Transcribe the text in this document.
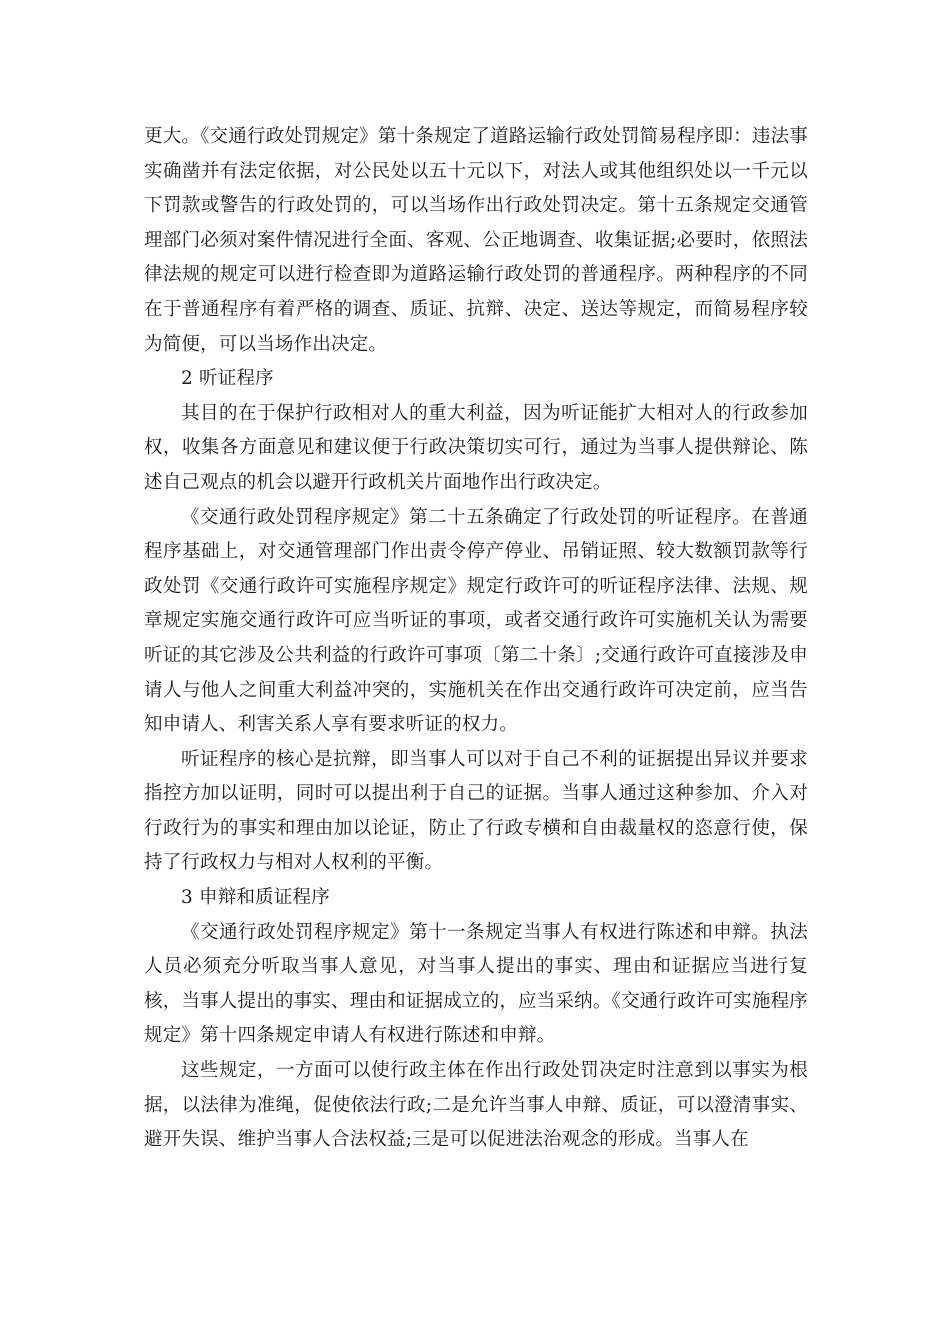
更大。《交通行政处罚规定》第十条规定了道路运输行政处罚简易程序即：违法事实确凿并有法定依据，对公民处以五十元以下，对法人或其他组织处以一千元以下罚款或警告的行政处罚的，可以当场作出行政处罚决定。第十五条规定交通管理部门必须对案件情况进行全面、客观、公正地调查、收集证据;必要时，依照法律法规的规定可以进行检查即为道路运输行政处罚的普通程序。两种程序的不同在于普通程序有着严格的调查、质证、抗辩、决定、送达等规定，而简易程序较为简便，可以当场作出决定。

2 听证程序

其目的在于保护行政相对人的重大利益，因为听证能扩大相对人的行政参加权，收集各方面意见和建议便于行政决策切实可行，通过为当事人提供辩论、陈述自己观点的机会以避开行政机关片面地作出行政决定。

《交通行政处罚程序规定》第二十五条确定了行政处罚的听证程序。在普通程序基础上，对交通管理部门作出责令停产停业、吊销证照、较大数额罚款等行政处罚《交通行政许可实施程序规定》规定行政许可的听证程序法律、法规、规章规定实施交通行政许可应当听证的事项，或者交通行政许可实施机关认为需要听证的其它涉及公共利益的行政许可事项〔第二十条〕;交通行政许可直接涉及申请人与他人之间重大利益冲突的，实施机关在作出交通行政许可决定前，应当告知申请人、利害关系人享有要求听证的权力。

听证程序的核心是抗辩，即当事人可以对于自己不利的证据提出异议并要求指控方加以证明，同时可以提出利于自己的证据。当事人通过这种参加、介入对行政行为的事实和理由加以论证，防止了行政专横和自由裁量权的恣意行使，保持了行政权力与相对人权利的平衡。

3 申辩和质证程序

《交通行政处罚程序规定》第十一条规定当事人有权进行陈述和申辩。执法人员必须充分听取当事人意见，对当事人提出的事实、理由和证据应当进行复核，当事人提出的事实、理由和证据成立的，应当采纳。《交通行政许可实施程序规定》第十四条规定申请人有权进行陈述和申辩。

这些规定，一方面可以使行政主体在作出行政处罚决定时注意到以事实为根据，以法律为准绳，促使依法行政;二是允许当事人申辩、质证，可以澄清事实、避开失误、维护当事人合法权益;三是可以促进法治观念的形成。当事人在
